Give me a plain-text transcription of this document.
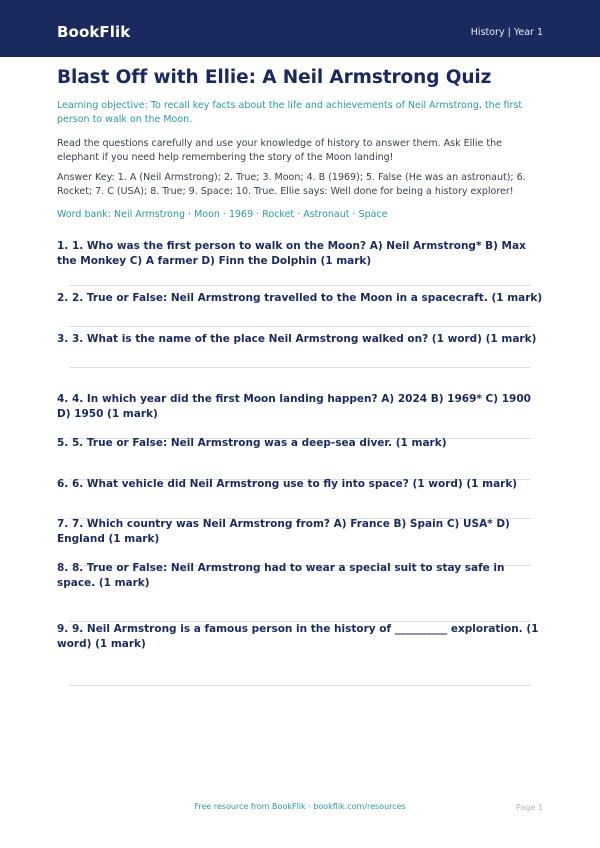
BookFlik	History | Year 1
Blast Off with Ellie: A Neil Armstrong Quiz
Learning objective: To recall key facts about the life and achievements of Neil Armstrong, the first person to walk on the Moon.
Read the questions carefully and use your knowledge of history to answer them. Ask Ellie the elephant if you need help remembering the story of the Moon landing!
Answer Key: 1. A (Neil Armstrong); 2. True; 3. Moon; 4. B (1969); 5. False (He was an astronaut); 6. Rocket; 7. C (USA); 8. True; 9. Space; 10. True. Ellie says: Well done for being a history explorer!
Word bank: Neil Armstrong · Moon · 1969 · Rocket · Astronaut · Space
1. 1. Who was the first person to walk on the Moon? A) Neil Armstrong* B) Max the Monkey C) A farmer D) Finn the Dolphin (1 mark)
2. 2. True or False: Neil Armstrong travelled to the Moon in a spacecraft. (1 mark)
3. 3. What is the name of the place Neil Armstrong walked on? (1 word) (1 mark)
4. 4. In which year did the first Moon landing happen? A) 2024 B) 1969* C) 1900 D) 1950 (1 mark)
5. 5. True or False: Neil Armstrong was a deep-sea diver. (1 mark)
6. 6. What vehicle did Neil Armstrong use to fly into space? (1 word) (1 mark)
7. 7. Which country was Neil Armstrong from? A) France B) Spain C) USA* D) England (1 mark)
8. 8. True or False: Neil Armstrong had to wear a special suit to stay safe in space. (1 mark)
9. 9. Neil Armstrong is a famous person in the history of __________ exploration. (1 word) (1 mark)
Free resource from BookFlik · bookflik.com/resources	Page 1
